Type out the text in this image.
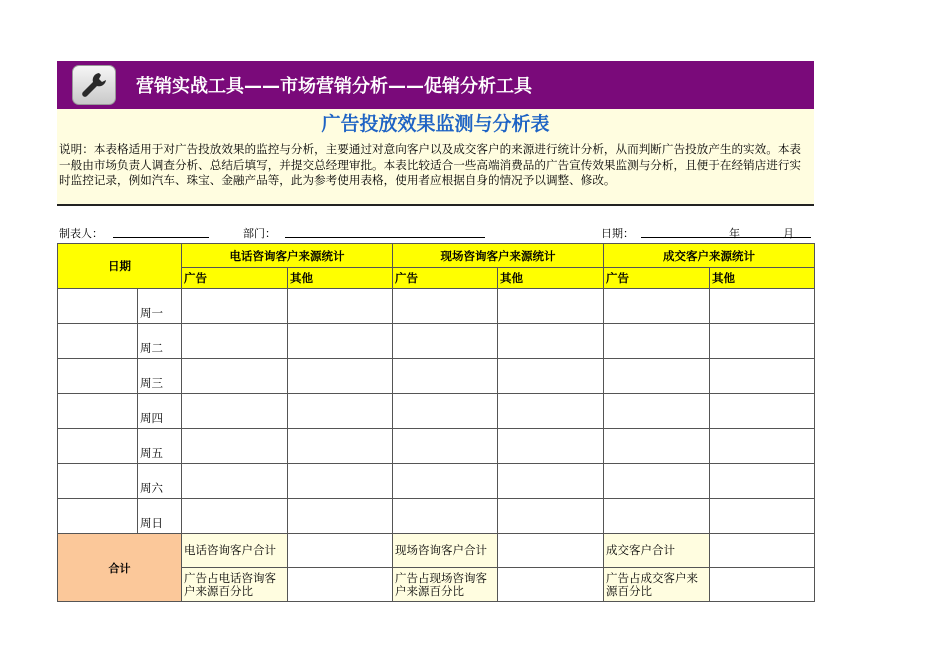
营销实战工具——市场营销分析——促销分析工具
广告投放效果监测与分析表
说明：本表格适用于对广告投放效果的监控与分析，主要通过对意向客户以及成交客户的来源进行统计分析，从而判断广告投放产生的实效。本表一般由市场负责人调查分析、总结后填写，并提交总经理审批。本表比较适合一些高端消费品的广告宣传效果监测与分析，且便于在经销店进行实时监控记录，例如汽车、珠宝、金融产品等，此为参考使用表格，使用者应根据自身的情况予以调整、修改。
制表人：	部门：	日期：	年	月
日期		电话咨询客户来源统计		现场咨询客户来源统计		成交客户来源统计	
		广告	其他	广告	其他	广告	其他
	周一						
	周二						
	周三						
	周四						
	周五						
	周六						
	周日						
合计		电话咨询客户合计		现场咨询客户合计		成交客户合计	
		广告占电话咨询客户来源百分比		广告占现场咨询客户来源百分比		广告占成交客户来源百分比	
